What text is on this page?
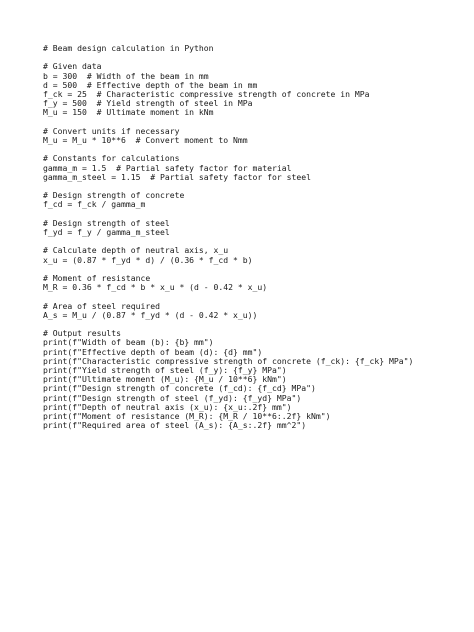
# Beam design calculation in Python
# Given data
b = 300  # Width of the beam in mm
d = 500  # Effective depth of the beam in mm
f_ck = 25  # Characteristic compressive strength of concrete in MPa
f_y = 500  # Yield strength of steel in MPa
M_u = 150  # Ultimate moment in kNm
# Convert units if necessary
M_u = M_u * 10**6  # Convert moment to Nmm
# Constants for calculations
gamma_m = 1.5  # Partial safety factor for material
gamma_m_steel = 1.15  # Partial safety factor for steel
# Design strength of concrete
f_cd = f_ck / gamma_m
# Design strength of steel
f_yd = f_y / gamma_m_steel
# Calculate depth of neutral axis, x_u
x_u = (0.87 * f_yd * d) / (0.36 * f_cd * b)
# Moment of resistance
M_R = 0.36 * f_cd * b * x_u * (d - 0.42 * x_u)
# Area of steel required
A_s = M_u / (0.87 * f_yd * (d - 0.42 * x_u))
# Output results
print(f"Width of beam (b): {b} mm")
print(f"Effective depth of beam (d): {d} mm")
print(f"Characteristic compressive strength of concrete (f_ck): {f_ck} MPa")
print(f"Yield strength of steel (f_y): {f_y} MPa")
print(f"Ultimate moment (M_u): {M_u / 10**6} kNm")
print(f"Design strength of concrete (f_cd): {f_cd} MPa")
print(f"Design strength of steel (f_yd): {f_yd} MPa")
print(f"Depth of neutral axis (x_u): {x_u:.2f} mm")
print(f"Moment of resistance (M_R): {M_R / 10**6:.2f} kNm")
print(f"Required area of steel (A_s): {A_s:.2f} mm^2")
